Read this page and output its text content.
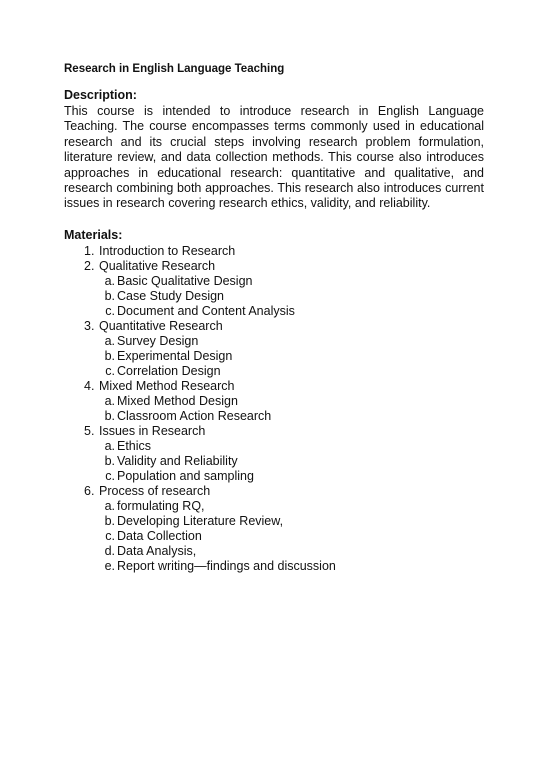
Research in English Language Teaching
Description:
This course is intended to introduce research in English Language Teaching. The course encompasses terms commonly used in educational research and its crucial steps involving research problem formulation, literature review, and data collection methods. This course also introduces approaches in educational research: quantitative and qualitative, and research combining both approaches. This research also introduces current issues in research covering research ethics, validity, and reliability.
Materials:
1. Introduction to Research
2. Qualitative Research
a. Basic Qualitative Design
b. Case Study Design
c. Document and Content Analysis
3. Quantitative Research
a. Survey Design
b. Experimental Design
c. Correlation Design
4. Mixed Method Research
a. Mixed Method Design
b. Classroom Action Research
5. Issues in Research
a. Ethics
b. Validity and Reliability
c. Population and sampling
6. Process of research
a. formulating RQ,
b. Developing Literature Review,
c. Data Collection
d. Data Analysis,
e. Report writing—findings and discussion
